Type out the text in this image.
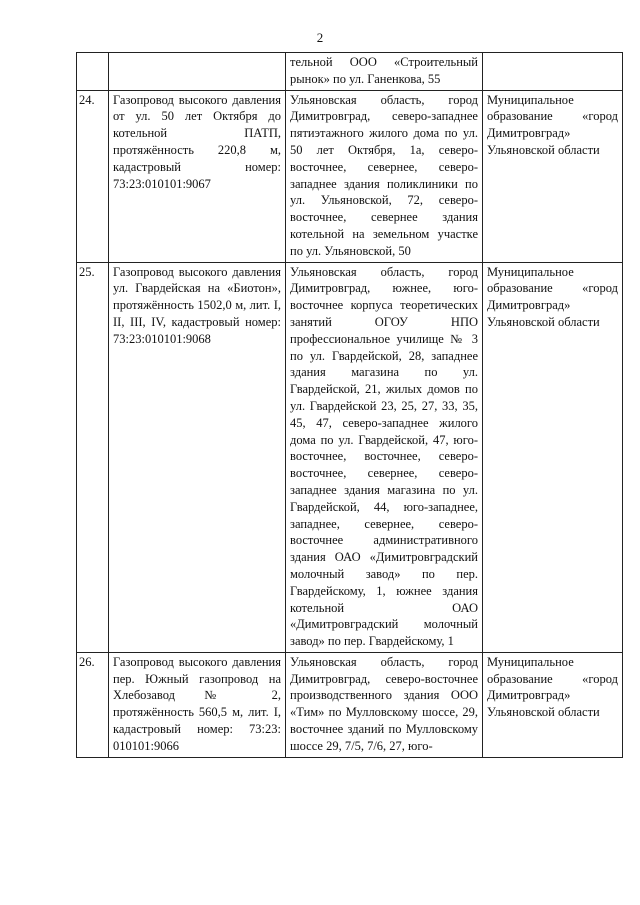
2
		тельной ООО «Строительный рынок» по ул. Ганенкова, 55	
24.	Газопровод высокого давления от ул. 50 лет Октября до котельной ПАТП, протяжённость 220,8 м, кадастровый номер: 73:23:010101:9067	Ульяновская область, город Димитровград, северо-западнее пятиэтажного жилого дома по ул. 50 лет Октября, 1а, северо-восточнее, севернее, северо-западнее здания поликлиники по ул. Ульяновской, 72, северо-восточнее, севернее здания котельной на земельном участке по ул. Ульяновской, 50	Муниципальное образование «город Димитровград» Ульяновской области
25.	Газопровод высокого давления ул. Гвардейская на «Биотон», протяжённость 1502,0 м, лит. I, II, III, IV, кадастровый номер: 73:23:010101:9068	Ульяновская область, город Димитровград, южнее, юго-восточнее корпуса теоретических занятий ОГОУ НПО профессиональное училище № 3 по ул. Гвардейской, 28, западнее здания магазина по ул. Гвардейской, 21, жилых домов по ул. Гвардейской 23, 25, 27, 33, 35, 45, 47, северо-западнее жилого дома по ул. Гвардейской, 47, юго-восточнее, восточнее, северо-восточнее, севернее, северо-западнее здания магазина по ул. Гвардейской, 44, юго-западнее, западнее, севернее, северо-восточнее административного здания ОАО «Димитровградский молочный завод» по пер. Гвардейскому, 1, южнее здания котельной ОАО «Димитровградский молочный завод» по пер. Гвардейскому, 1	Муниципальное образование «город Димитровград» Ульяновской области
26.	Газопровод высокого давления пер. Южный газопровод на Хлебозавод № 2, протяжённость 560,5 м, лит. I, кадастровый номер: 73:23: 010101:9066	Ульяновская область, город Димитровград, северо-восточнее производственного здания ООО «Тим» по Мулловскому шоссе, 29, восточнее зданий по Мулловскому шоссе 29, 7/5, 7/6, 27, юго-	Муниципальное образование «город Димитровград» Ульяновской области
